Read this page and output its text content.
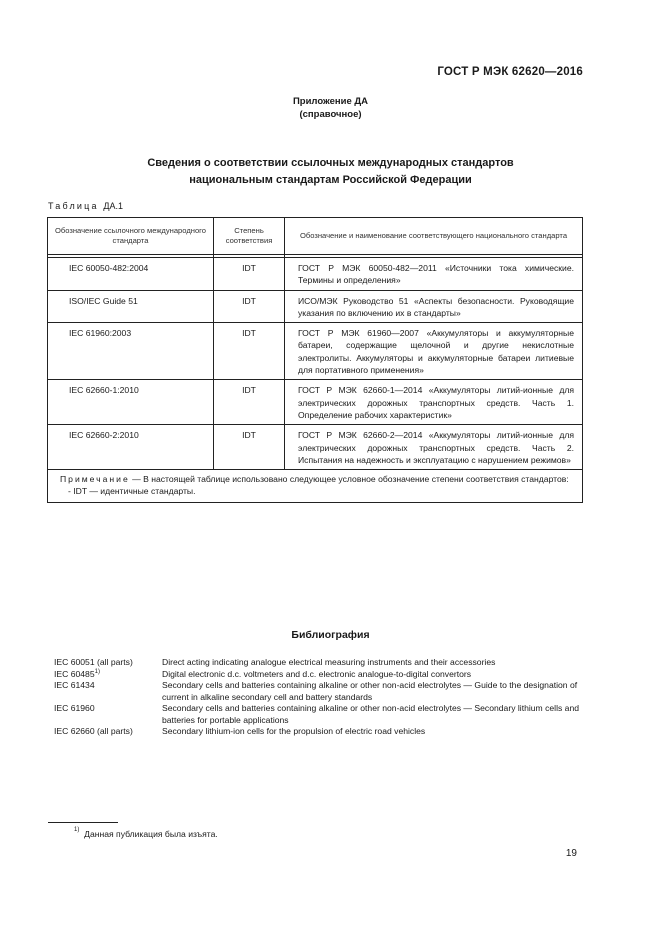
ГОСТ Р МЭК 62620—2016
Приложение ДА
(справочное)
Сведения о соответствии ссылочных международных стандартов
национальным стандартам Российской Федерации
Таблица ДА.1
Обозначение ссылочного международного стандарта	Степень соответствия	Обозначение и наименование соответствующего национального стандарта

IEC 60050-482:2004	IDT	ГОСТ Р МЭК 60050-482—2011 «Источники тока химические. Термины и определения»
ISO/IEC Guide 51	IDT	ИСО/МЭК Руководство 51 «Аспекты безопасности. Руководящие указания по включению их в стандарты»
IEC 61960:2003	IDT	ГОСТ Р МЭК 61960—2007 «Аккумуляторы и аккумуляторные батареи, содержащие щелочной и другие некислотные электролиты. Аккумуляторы и аккумуляторные батареи литиевые для портативного применения»
IEC 62660-1:2010	IDT	ГОСТ Р МЭК 62660-1—2014 «Аккумуляторы литий-ионные для электрических дорожных транспортных средств. Часть 1. Определение рабочих характеристик»
IEC 62660-2:2010	IDT	ГОСТ Р МЭК 62660-2—2014 «Аккумуляторы литий-ионные для электрических дорожных транспортных средств. Часть 2. Испытания на надежность и эксплуатацию с нарушением режимов»
Примечание — В настоящей таблице использовано следующее условное обозначение степени соответствия стандартов:
- IDT — идентичные стандарты.		
Библиография
IEC 60051 (all parts)	Direct acting indicating analogue electrical measuring instruments and their accessories
IEC 60485$^{1)}$	Digital electronic d.c. voltmeters and d.c. electronic analogue-to-digital convertors
IEC 61434	Secondary cells and batteries containing alkaline or other non-acid electrolytes — Guide to the designation of current in alkaline secondary cell and battery standards
IEC 61960	Secondary cells and batteries containing alkaline or other non-acid electrolytes — Secondary lithium cells and batteries for portable applications
IEC 62660 (all parts)	Secondary lithium-ion cells for the propulsion of electric road vehicles
$^{1)}$ Данная публикация была изъята.
19
